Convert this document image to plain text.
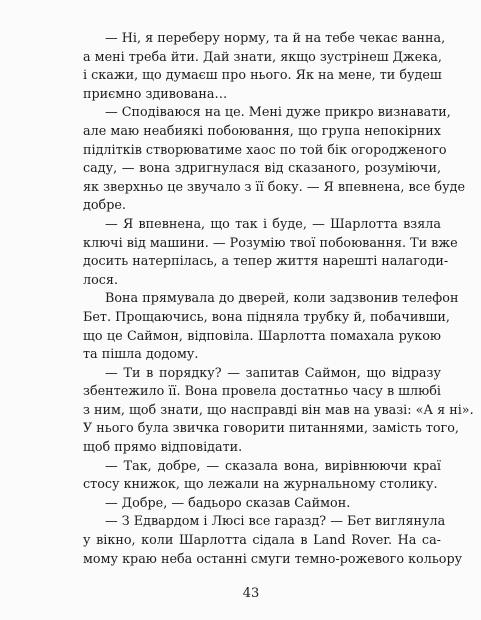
— Ні, я переберу норму, та й на тебе чекає ванна,
а мені треба йти. Дай знати, якщо зустрінеш Джека,
і скажи, що думаєш про нього. Як на мене, ти будеш
приємно здивована…
— Сподіваюся на це. Мені дуже прикро визнавати,
але маю неабиякі побоювання, що група непокірних
підлітків створюватиме хаос по той бік огородженого
саду, — вона здригнулася від сказаного, розуміючи,
як зверхньо це звучало з її боку. — Я впевнена, все буде
добре.
— Я впевнена, що так і буде, — Шарлотта взяла
ключі від машини. — Розумію твої побоювання. Ти вже
досить натерпілась, а тепер життя нарешті налагоди-
лося.
Вона прямувала до дверей, коли задзвонив телефон
Бет. Прощаючись, вона підняла трубку й, побачивши,
що це Саймон, відповіла. Шарлотта помахала рукою
та пішла додому.
— Ти в порядку? — запитав Саймон, що відразу
збентежило її. Вона провела достатньо часу в шлюбі
з ним, щоб знати, що насправді він мав на увазі: «А я ні».
У нього була звичка говорити питаннями, замість того,
щоб прямо відповідати.
— Так, добре, — сказала вона, вирівнюючи краї
стосу книжок, що лежали на журнальному столику.
— Добре, — бадьоро сказав Саймон.
— З Едвардом і Люсі все гаразд? — Бет виглянула
у вікно, коли Шарлотта сідала в Land Rover. На са-
мому краю неба останні смуги темно-рожевого кольору
43
